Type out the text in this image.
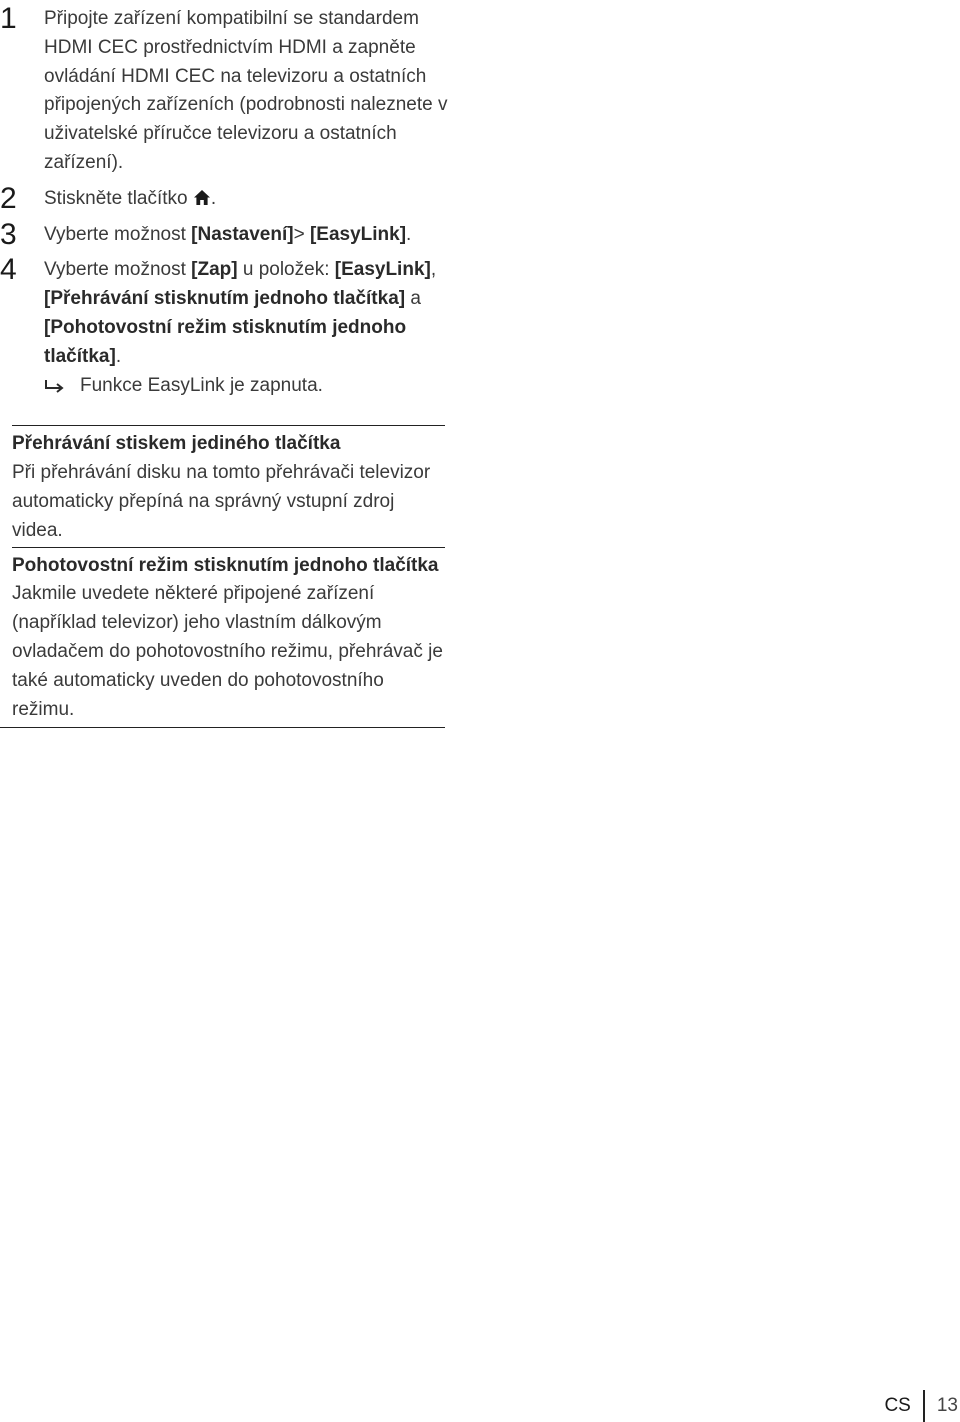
1 Připojte zařízení kompatibilní se standardem HDMI CEC prostřednictvím HDMI a zapněte ovládání HDMI CEC na televizoru a ostatních připojených zařízeních (podrobnosti naleznete v uživatelské příručce televizoru a ostatních zařízení).
2 Stiskněte tlačítko .
3 Vyberte možnost [Nastavení]> [EasyLink].
4 Vyberte možnost [Zap] u položek: [EasyLink], [Přehrávání stisknutím jednoho tlačítka] a [Pohotovostní režim stisknutím jednoho tlačítka].
Funkce EasyLink je zapnuta.
Přehrávání stiskem jediného tlačítka
Při přehrávání disku na tomto přehrávači televizor automaticky přepíná na správný vstupní zdroj videa.
Pohotovostní režim stisknutím jednoho tlačítka
Jakmile uvedete některé připojené zařízení (například televizor) jeho vlastním dálkovým ovladačem do pohotovostního režimu, přehrávač je také automaticky uveden do pohotovostního režimu.
CS 13
